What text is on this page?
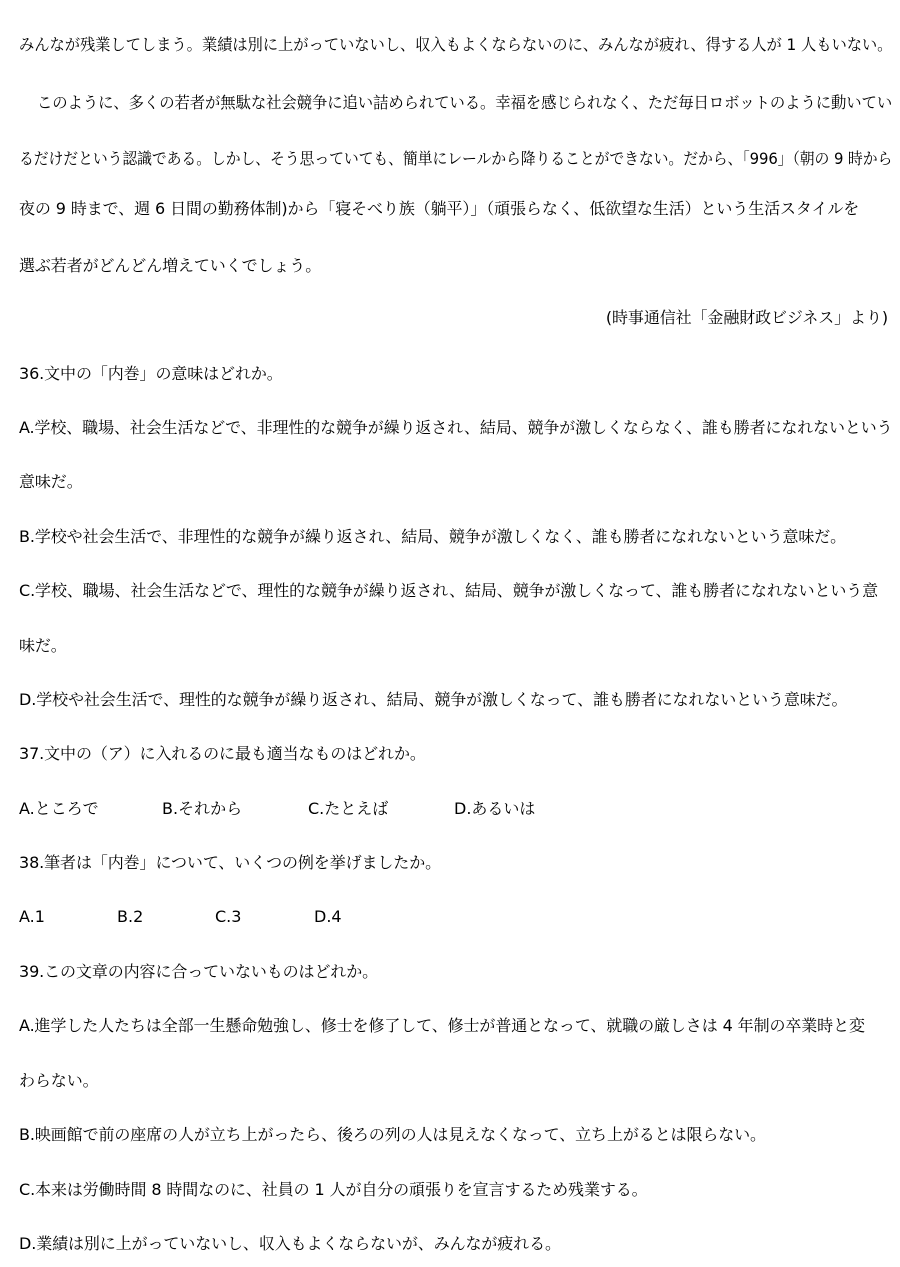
みんなが残業してしまう。業績は別に上がっていないし、収入もよくならないのに、みんなが疲れ、得する人が 1 人もいない。
このように、多くの若者が無駄な社会競争に追い詰められている。幸福を感じられなく、ただ毎日ロボットのように動いてい
るだけだという認識である。しかし、そう思っていても、簡単にレールから降りることができない。だから、「996」（朝の 9 時から
夜の 9 時まで、週 6 日間の勤務体制)から「寝そべり族（躺平）」（頑張らなく、低欲望な生活）という生活スタイルを
選ぶ若者がどんどん増えていくでしょう。
(時事通信社「金融財政ビジネス」より)
36.文中の「内巻」の意味はどれか。
A.学校、職場、社会生活などで、非理性的な競争が繰り返され、結局、競争が激しくならなく、誰も勝者になれないという
意味だ。
B.学校や社会生活で、非理性的な競争が繰り返され、結局、競争が激しくなく、誰も勝者になれないという意味だ。
C.学校、職場、社会生活などで、理性的な競争が繰り返され、結局、競争が激しくなって、誰も勝者になれないという意
味だ。
D.学校や社会生活で、理性的な競争が繰り返され、結局、競争が激しくなって、誰も勝者になれないという意味だ。
37.文中の（ア）に入れるのに最も適当なものはどれか。
A.ところで	B.それから	C.たとえば	D.あるいは
38.筆者は「内巻」について、いくつの例を挙げましたか。
A.1	B.2	C.3	D.4
39.この文章の内容に合っていないものはどれか。
A.進学した人たちは全部一生懸命勉強し、修士を修了して、修士が普通となって、就職の厳しさは 4 年制の卒業時と変
わらない。
B.映画館で前の座席の人が立ち上がったら、後ろの列の人は見えなくなって、立ち上がるとは限らない。
C.本来は労働時間 8 時間なのに、社員の 1 人が自分の頑張りを宣言するため残業する。
D.業績は別に上がっていないし、収入もよくならないが、みんなが疲れる。
